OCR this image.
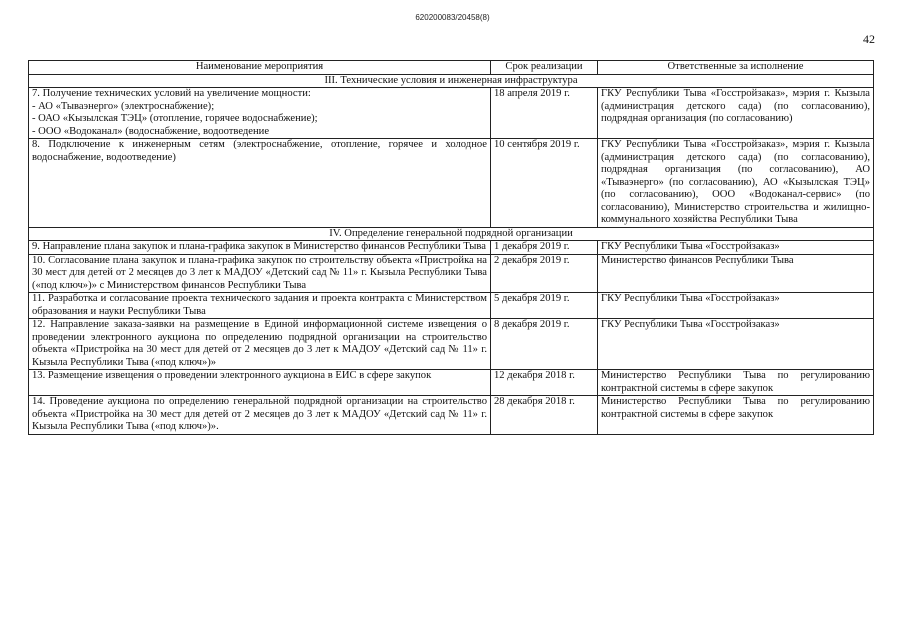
620200083/20458(8)
42
Наименование мероприятия	Срок реализации	Ответственные за исполнение
III. Технические условия и инженерная инфраструктура		

7. Получение технических условий на увеличение мощности:
- АО «Тываэнерго» (электроснабжение);
- ОАО «Кызылская ТЭЦ» (отопление, горячее водоснабжение);
- ООО «Водоканал» (водоснабжение, водоотведение	18 апреля 2019 г.	ГКУ Республики Тыва «Госстройзаказ», мэрия г. Кызыла (администрация детского сада) (по согласованию), подрядная организация (по согласованию)
8. Подключение к инженерным сетям (электроснабжение, отопление, горячее и холодное водоснабжение, водоотведение)	10 сентября 2019 г.	ГКУ Республики Тыва «Госстройзаказ», мэрия г. Кызыла (администрация детского сада) (по согласованию), подрядная организация (по согласованию), АО «Тываэнерго» (по согласованию), АО «Кызылская ТЭЦ» (по согласованию), ООО «Водоканал-сервис» (по согласованию), Министерство строительства и жилищно-коммунального хозяйства Республики Тыва
IV. Определение генеральной подрядной организации		
9. Направление плана закупок и плана-графика закупок в Министерство финансов Республики Тыва	1 декабря 2019 г.	ГКУ Республики Тыва «Госстройзаказ»
10. Согласование плана закупок и плана-графика закупок по строительству объекта «Пристройка на 30 мест для детей от 2 месяцев до 3 лет к МАДОУ «Детский сад № 11» г. Кызыла Республики Тыва («под ключ»)» с Министерством финансов Республики Тыва	2 декабря 2019 г.	Министерство финансов Республики Тыва
11. Разработка и согласование проекта технического задания и проекта контракта с Министерством образования и науки Республики Тыва	5 декабря 2019 г.	ГКУ Республики Тыва «Госстройзаказ»
12. Направление заказа-заявки на размещение в Единой информационной системе извещения о проведении электронного аукциона по определению подрядной организации на строительство объекта «Пристройка на 30 мест для детей от 2 месяцев до 3 лет к МАДОУ «Детский сад № 11» г. Кызыла Республики Тыва («под ключ»)»	8 декабря 2019 г.	ГКУ Республики Тыва «Госстройзаказ»
13. Размещение извещения о проведении электронного аукциона в ЕИС в сфере закупок	12 декабря 2018 г.	Министерство Республики Тыва по регулированию контрактной системы в сфере закупок
14. Проведение аукциона по определению генеральной подрядной организации на строительство объекта «Пристройка на 30 мест для детей от 2 месяцев до 3 лет к МАДОУ «Детский сад № 11» г. Кызыла Республики Тыва («под ключ»)».	28 декабря 2018 г.	Министерство Республики Тыва по регулированию контрактной системы в сфере закупок
